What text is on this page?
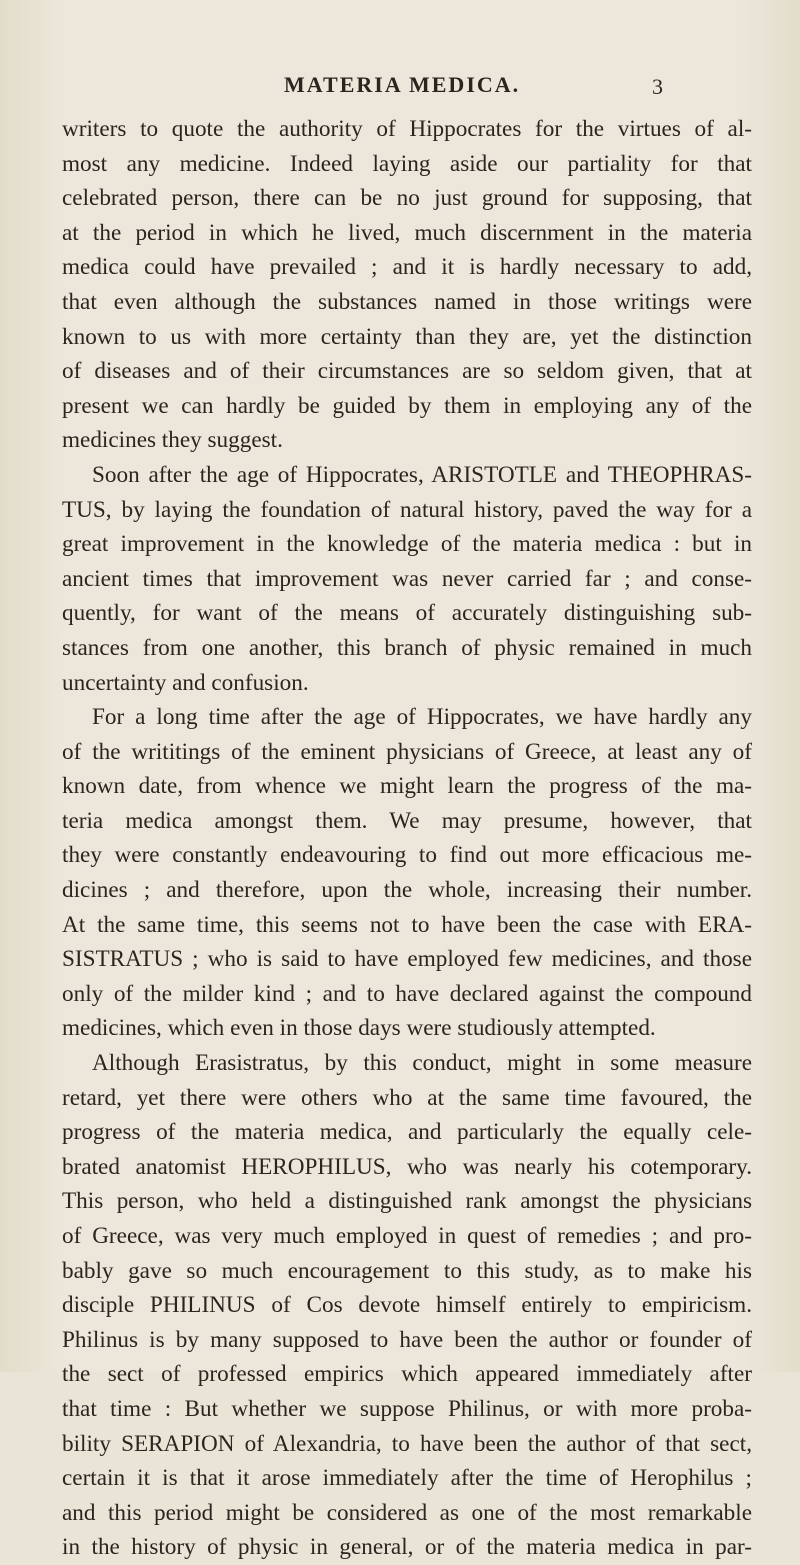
MATERIA MEDICA.	3
writers to quote the authority of Hippocrates for the virtues of al-
most any medicine. Indeed laying aside our partiality for that
celebrated person, there can be no just ground for supposing, that
at the period in which he lived, much discernment in the materia
medica could have prevailed ; and it is hardly necessary to add,
that even although the substances named in those writings were
known to us with more certainty than they are, yet the distinction
of diseases and of their circumstances are so seldom given, that at
present we can hardly be guided by them in employing any of the
medicines they suggest.
Soon after the age of Hippocrates, ARISTOTLE and THEOPHRAS-
TUS, by laying the foundation of natural history, paved the way for a
great improvement in the knowledge of the materia medica : but in
ancient times that improvement was never carried far ; and conse-
quently, for want of the means of accurately distinguishing sub-
stances from one another, this branch of physic remained in much
uncertainty and confusion.
For a long time after the age of Hippocrates, we have hardly any
of the writitings of the eminent physicians of Greece, at least any of
known date, from whence we might learn the progress of the ma-
teria medica amongst them. We may presume, however, that
they were constantly endeavouring to find out more efficacious me-
dicines ; and therefore, upon the whole, increasing their number.
At the same time, this seems not to have been the case with ERA-
SISTRATUS ; who is said to have employed few medicines, and those
only of the milder kind ; and to have declared against the compound
medicines, which even in those days were studiously attempted.
Although Erasistratus, by this conduct, might in some measure
retard, yet there were others who at the same time favoured, the
progress of the materia medica, and particularly the equally cele-
brated anatomist HEROPHILUS, who was nearly his cotemporary.
This person, who held a distinguished rank amongst the physicians
of Greece, was very much employed in quest of remedies ; and pro-
bably gave so much encouragement to this study, as to make his
disciple PHILINUS of Cos devote himself entirely to empiricism.
Philinus is by many supposed to have been the author or founder of
the sect of professed empirics which appeared immediately after
that time : But whether we suppose Philinus, or with more proba-
bility SERAPION of Alexandria, to have been the author of that sect,
certain it is that it arose immediately after the time of Herophilus ;
and this period might be considered as one of the most remarkable
in the history of physic in general, or of the materia medica in par-
